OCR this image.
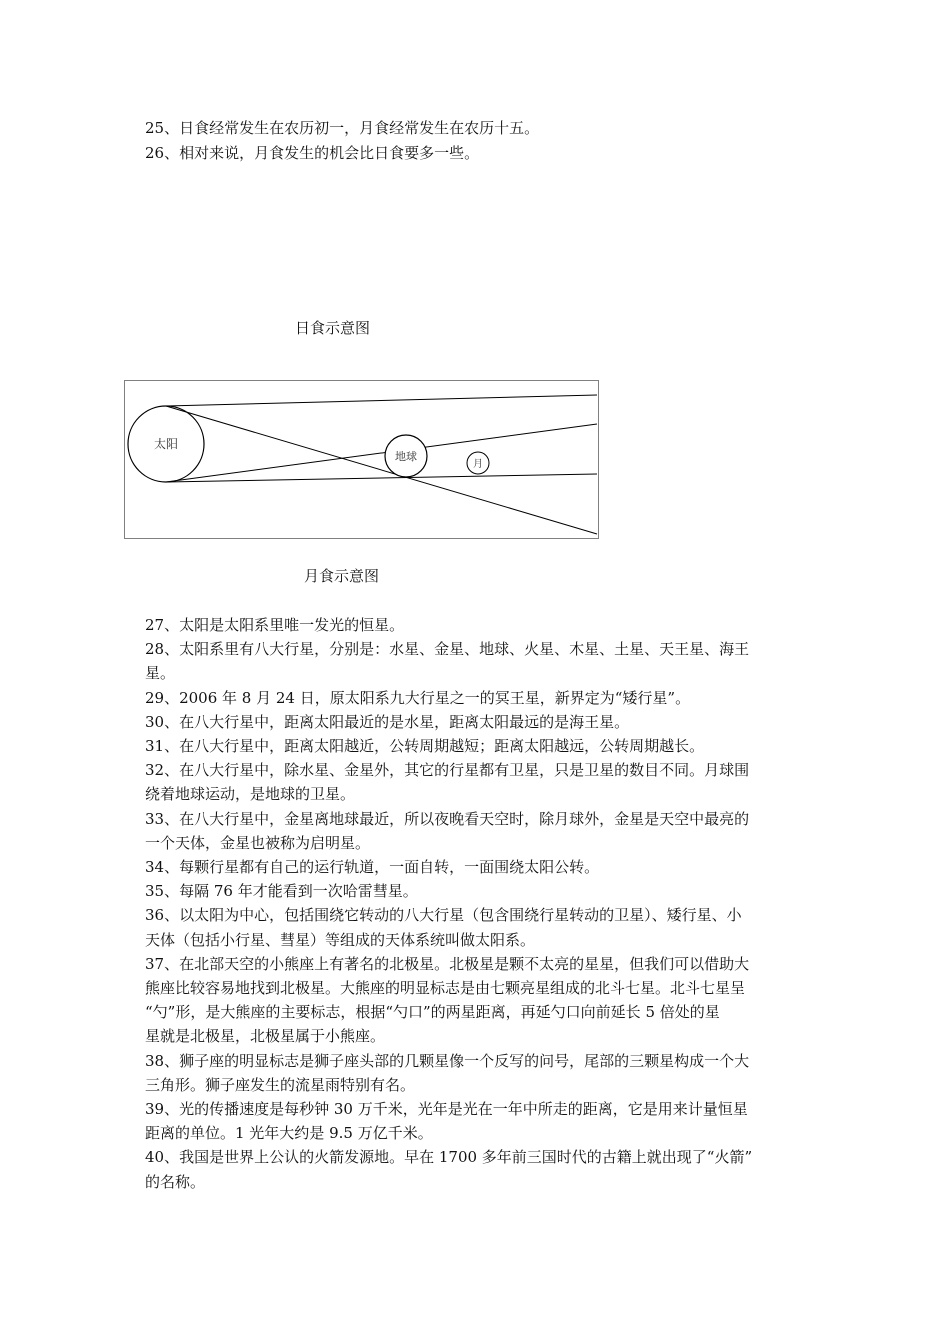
25、日食经常发生在农历初一，月食经常发生在农历十五。
26、相对来说，月食发生的机会比日食要多一些。
日食示意图
太阳
地球
月
月食示意图
27、太阳是太阳系里唯一发光的恒星。
28、太阳系里有八大行星，分别是：水星、金星、地球、火星、木星、土星、天王星、海王
星。
29、2006 年 8 月 24 日，原太阳系九大行星之一的冥王星，新界定为“矮行星”。
30、在八大行星中，距离太阳最近的是水星，距离太阳最远的是海王星。
31、在八大行星中，距离太阳越近，公转周期越短；距离太阳越远，公转周期越长。
32、在八大行星中，除水星、金星外，其它的行星都有卫星，只是卫星的数目不同。月球围
绕着地球运动，是地球的卫星。
33、在八大行星中，金星离地球最近，所以夜晚看天空时，除月球外，金星是天空中最亮的
一个天体，金星也被称为启明星。
34、每颗行星都有自己的运行轨道，一面自转，一面围绕太阳公转。
35、每隔 76 年才能看到一次哈雷彗星。
36、以太阳为中心，包括围绕它转动的八大行星（包含围绕行星转动的卫星）、矮行星、小
天体（包括小行星、彗星）等组成的天体系统叫做太阳系。
37、在北部天空的小熊座上有著名的北极星。北极星是颗不太亮的星星，但我们可以借助大
熊座比较容易地找到北极星。大熊座的明显标志是由七颗亮星组成的北斗七星。北斗七星呈
“勺”形，是大熊座的主要标志，根据“勺口”的两星距离，再延勺口向前延长 5 倍处的星
星就是北极星，北极星属于小熊座。
38、狮子座的明显标志是狮子座头部的几颗星像一个反写的问号，尾部的三颗星构成一个大
三角形。狮子座发生的流星雨特别有名。
39、光的传播速度是每秒钟 30 万千米，光年是光在一年中所走的距离，它是用来计量恒星
距离的单位。1 光年大约是 9.5 万亿千米。
40、我国是世界上公认的火箭发源地。早在 1700 多年前三国时代的古籍上就出现了“火箭”
的名称。
